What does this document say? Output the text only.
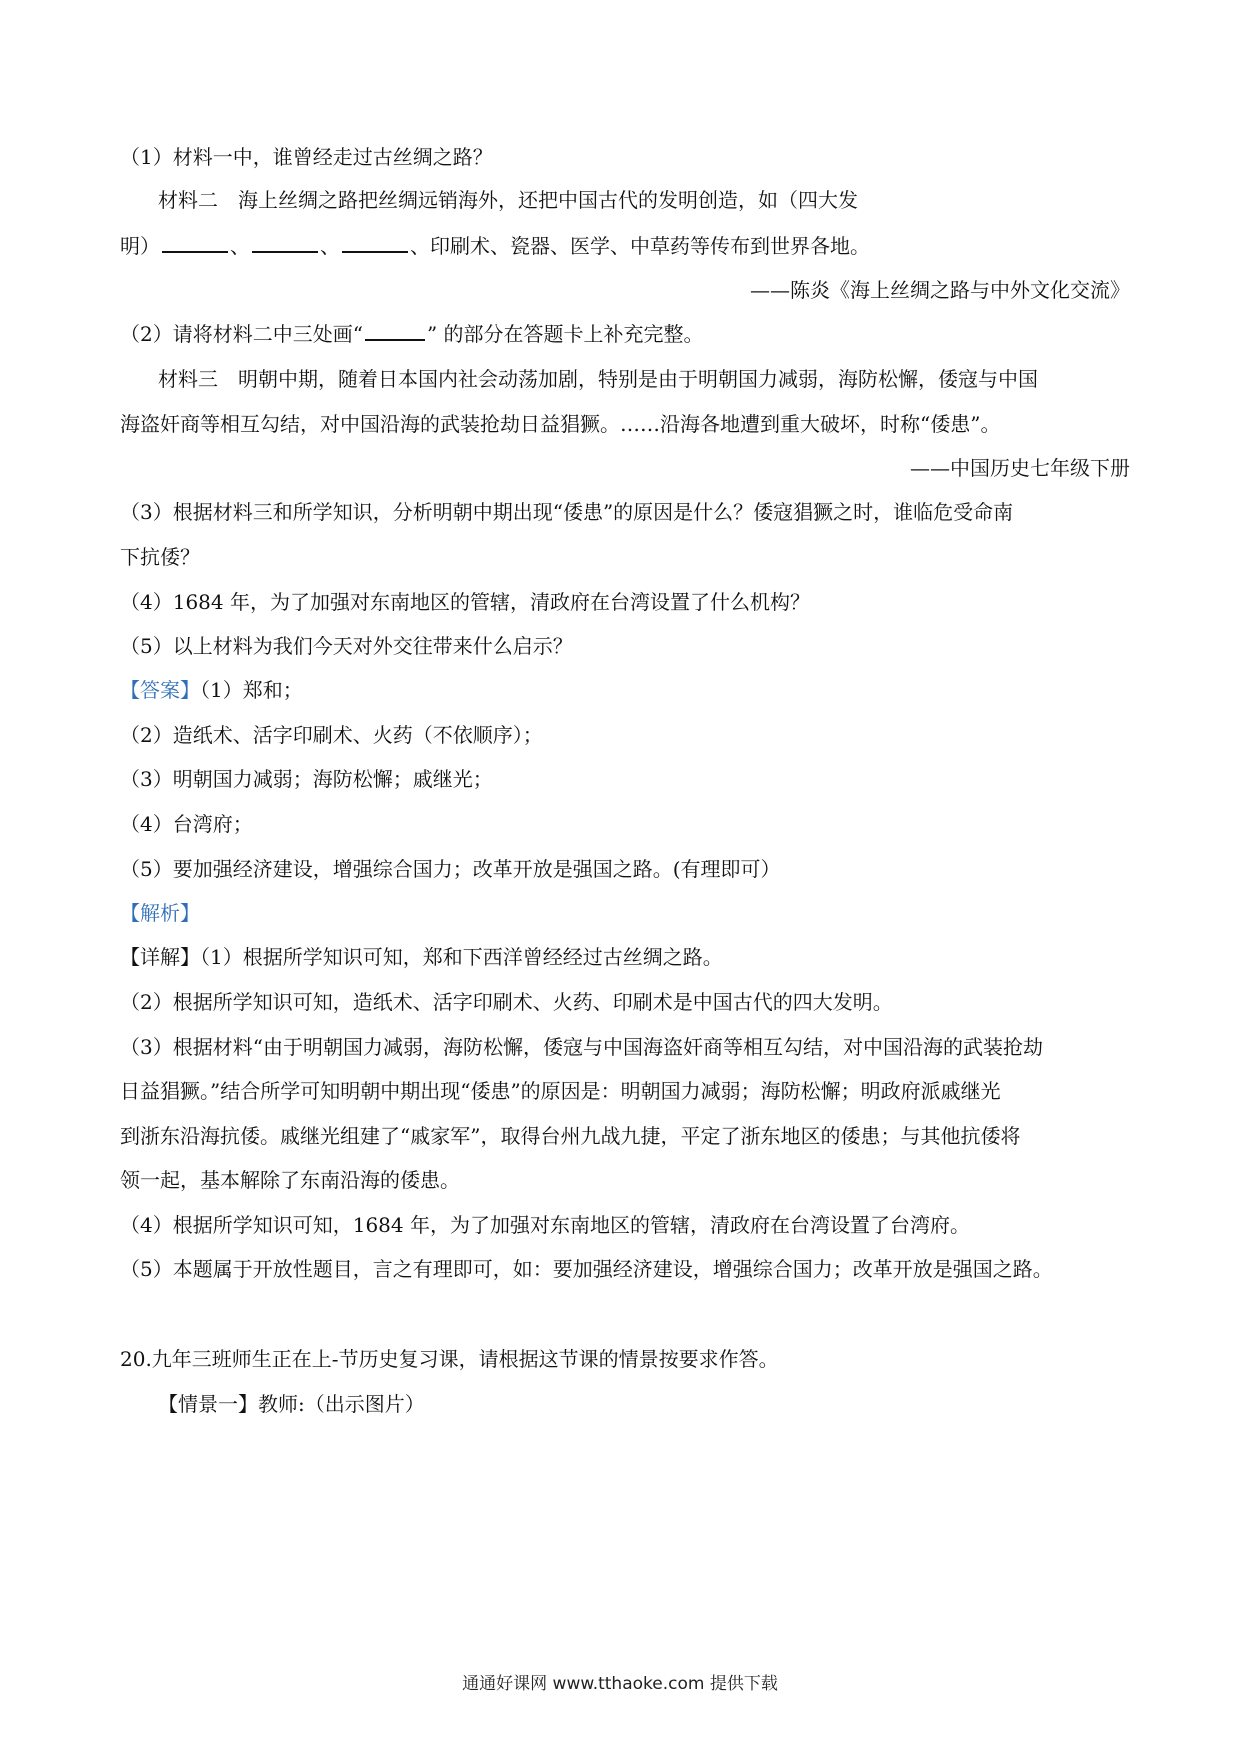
（1）材料一中，谁曾经走过古丝绸之路？
材料二　海上丝绸之路把丝绸远销海外，还把中国古代的发明创造，如（四大发
明）	、	、	、印刷术、瓷器、医学、中草药等传布到世界各地。
——陈炎《海上丝绸之路与中外文化交流》
（2）请将材料二中三处画“	” 的部分在答题卡上补充完整。
材料三　明朝中期，随着日本国内社会动荡加剧，特别是由于明朝国力减弱，海防松懈，倭寇与中国
海盗奸商等相互勾结，对中国沿海的武装抢劫日益猖獗。……沿海各地遭到重大破坏，时称“倭患”。
——中国历史七年级下册
（3）根据材料三和所学知识，分析明朝中期出现“倭患”的原因是什么？倭寇猖獗之时，谁临危受命南
下抗倭？
（4）1684 年，为了加强对东南地区的管辖，清政府在台湾设置了什么机构？
（5）以上材料为我们今天对外交往带来什么启示？
【答案】（1）郑和；
（2）造纸术、活字印刷术、火药（不依顺序）；
（3）明朝国力减弱；海防松懈；戚继光；
（4）台湾府；
（5）要加强经济建设，增强综合国力；改革开放是强国之路。(有理即可）
【解析】
【详解】（1）根据所学知识可知，郑和下西洋曾经经过古丝绸之路。
（2）根据所学知识可知，造纸术、活字印刷术、火药、印刷术是中国古代的四大发明。
（3）根据材料“由于明朝国力减弱，海防松懈，倭寇与中国海盗奸商等相互勾结，对中国沿海的武装抢劫
日益猖獗。”结合所学可知明朝中期出现“倭患”的原因是：明朝国力减弱；海防松懈；明政府派戚继光
到浙东沿海抗倭。戚继光组建了“戚家军”，取得台州九战九捷，平定了浙东地区的倭患；与其他抗倭将
领一起，基本解除了东南沿海的倭患。
（4）根据所学知识可知，1684 年，为了加强对东南地区的管辖，清政府在台湾设置了台湾府。
（5）本题属于开放性题目，言之有理即可，如：要加强经济建设，增强综合国力；改革开放是强国之路。
20.九年三班师生正在上-节历史复习课，请根据这节课的情景按要求作答。
【情景一】教师:（出示图片）
通通好课网 www.tthaoke.com 提供下载
